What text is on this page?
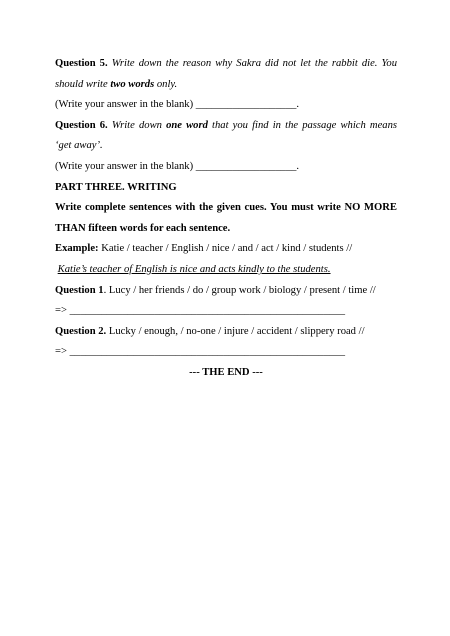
Question 5. Write down the reason why Sakra did not let the rabbit die. You
should write two words only.
(Write your answer in the blank) ___________________.
Question 6. Write down one word that you find in the passage which means
‘get away’.
(Write your answer in the blank) ___________________.
PART THREE. WRITING
Write complete sentences with the given cues. You must write NO MORE
THAN fifteen words for each sentence.
Example: Katie / teacher / English / nice / and / act / kind / students //
Katie’s teacher of English is nice and acts kindly to the students.
Question 1. Lucy / her friends / do / group work / biology / present / time //
=> ____________________________________________________
Question 2. Lucky / enough, / no-one / injure / accident / slippery road //
=> ____________________________________________________
--- THE END ---
